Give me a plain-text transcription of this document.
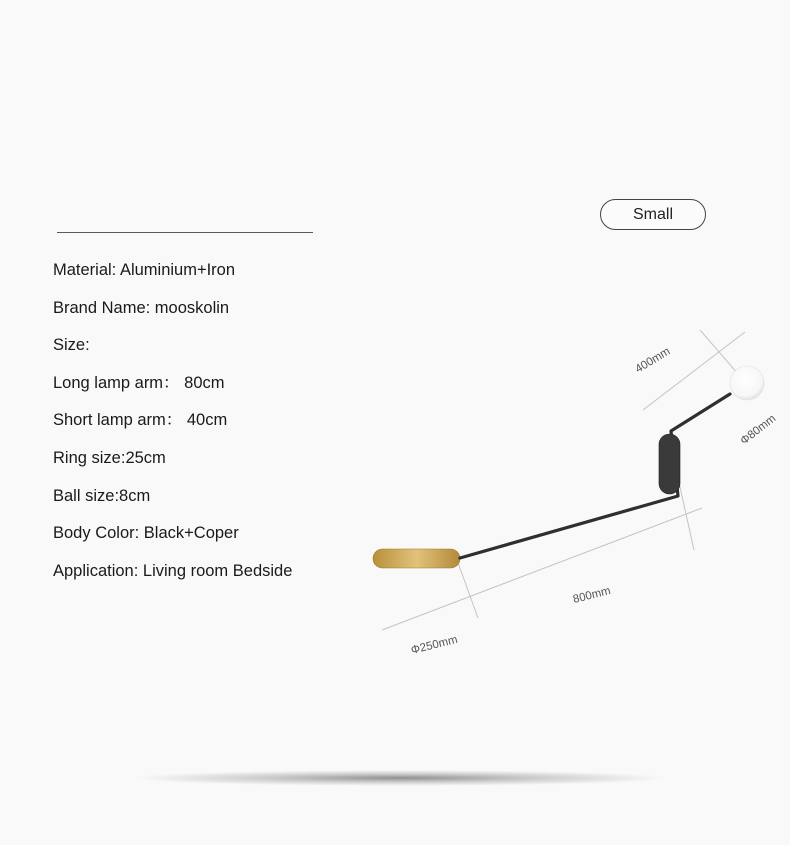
Small
Material: Aluminium+Iron
Brand Name: mooskolin
Size:
Long lamp arm： 80cm
Short lamp arm： 40cm
Ring size:25cm
Ball size:8cm
Body Color: Black+Coper
Application: Living room Bedside
400mm
Φ80mm
800mm
Φ250mm
